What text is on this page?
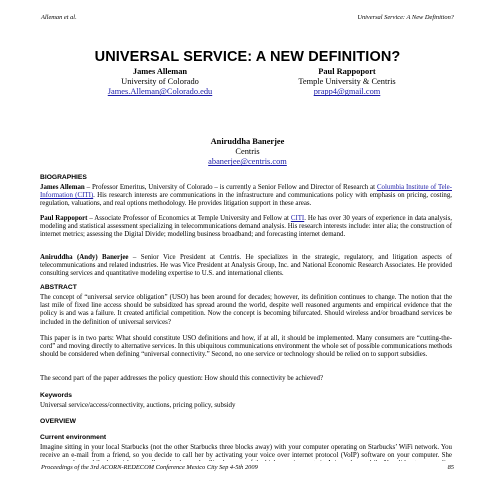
Alleman et al.	Universal Service: A New Definition?
UNIVERSAL SERVICE: A NEW DEFINITION?
James Alleman
University of Colorado
James.Alleman@Colorado.edu
Paul Rappoport
Temple University & Centris
prapp4@gmail.com
Aniruddha Banerjee
Centris
abanerjee@centris.com
BIOGRAPHIES
James Alleman – Professor Emeritus, University of Colorado – is currently a Senior Fellow and Director of Research at Columbia Institute of Tele-Information (CITI). His research interests are communications in the infrastructure and communications policy with emphasis on pricing, costing, regulation, valuations, and real options methodology. He provides litigation support in these areas.
Paul Rappoport – Associate Professor of Economics at Temple University and Fellow at CITI. He has over 30 years of experience in data analysis, modeling and statistical assessment specializing in telecommunications demand analysis. His research interests include: inter alia; the construction of internet metrics; assessing the Digital Divide; modelling business broadband; and forecasting internet demand.
Aniruddha (Andy) Banerjee – Senior Vice President at Centris. He specializes in the strategic, regulatory, and litigation aspects of telecommunications and related industries. He was Vice President at Analysis Group, Inc. and National Economic Research Associates. He provided consulting services and quantitative modeling expertise to U.S. and international clients.
ABSTRACT
The concept of “universal service obligation” (USO) has been around for decades; however, its definition continues to change. The notion that the last mile of fixed line access should be subsidized has spread around the world, despite well reasoned arguments and empirical evidence that the policy is and was a failure. It created artificial competition. Now the concept is becoming bifurcated. Should wireless and/or broadband services be included in the definition of universal services?
This paper is in two parts: What should constitute USO definitions and how, if at all, it should be implemented. Many consumers are “cutting-the-cord” and moving directly to alternative services. In this ubiquitous communications environment the whole set of possible communications methods should be considered when defining “universal connectivity.” Second, no one service or technology should be relied on to support subsidies.
The second part of the paper addresses the policy question: How should this connectivity be achieved?
Keywords
Universal service/access/connectivity, auctions, pricing policy, subsidy
OVERVIEW
Current environment
Imagine sitting in your local Starbucks (not the other Starbucks three blocks away) with your computer operating on Starbucks’ WiFi network. You receive an e-mail from a friend, so you decide to call her by activating your voice over internet protocol (VoIP) software on your computer. She
Proceedings of the 3rd ACORN-REDECOM Conference Mexico City Sep 4-5th 2009	85
